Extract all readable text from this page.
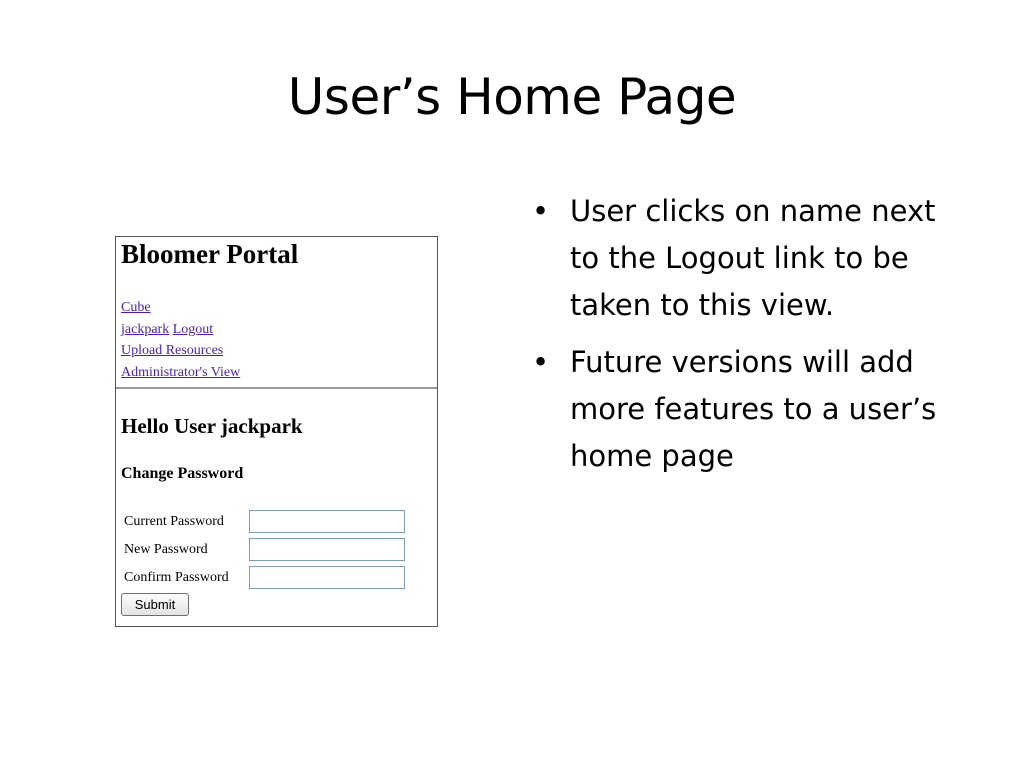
User’s Home Page
Bloomer Portal
Cube
jackpark Logout
Upload Resources
Administrator's View
Hello User jackpark
Change Password
Current Password
New Password
Confirm Password
Submit
• User clicks on name next to the Logout link to be taken to this view.
• Future versions will add more features to a user’s home page
